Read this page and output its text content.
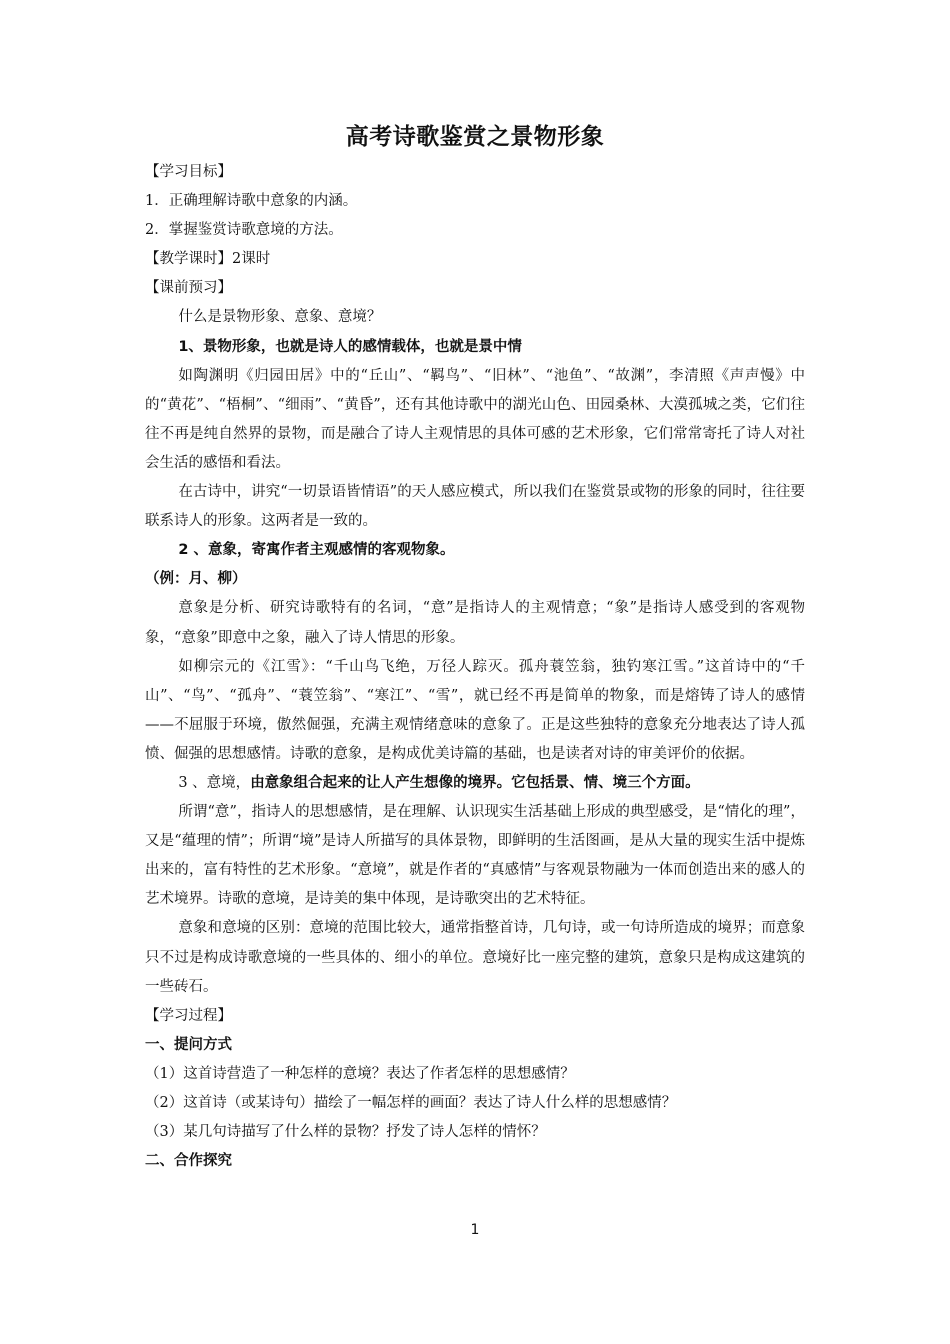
高考诗歌鉴赏之景物形象

【学习目标】

1．正确理解诗歌中意象的内涵。

2．掌握鉴赏诗歌意境的方法。

【教学课时】2课时

【课前预习】

什么是景物形象、意象、意境？

1、景物形象，也就是诗人的感情载体，也就是景中情

如陶渊明《归园田居》中的“丘山”、“羁鸟”、“旧林”、“池鱼”、“故渊”，李清照《声声慢》中的“黄花”、“梧桐”、“细雨”、“黄昏”，还有其他诗歌中的湖光山色、田园桑林、大漠孤城之类，它们往往不再是纯自然界的景物，而是融合了诗人主观情思的具体可感的艺术形象，它们常常寄托了诗人对社会生活的感悟和看法。

在古诗中，讲究“一切景语皆情语”的天人感应模式，所以我们在鉴赏景或物的形象的同时，往往要联系诗人的形象。这两者是一致的。

2 、意象，寄寓作者主观感情的客观物象。

（例：月、柳）

意象是分析、研究诗歌特有的名词，“意”是指诗人的主观情意；“象”是指诗人感受到的客观物象，“意象”即意中之象，融入了诗人情思的形象。

如柳宗元的《江雪》：“千山鸟飞绝，万径人踪灭。孤舟蓑笠翁，独钓寒江雪。”这首诗中的“千山”、“鸟”、“孤舟”、“蓑笠翁”、“寒江”、“雪”，就已经不再是简单的物象，而是熔铸了诗人的感情——不屈服于环境，傲然倔强，充满主观情绪意味的意象了。正是这些独特的意象充分地表达了诗人孤愤、倔强的思想感情。诗歌的意象，是构成优美诗篇的基础，也是读者对诗的审美评价的依据。

3 、意境，由意象组合起来的让人产生想像的境界。它包括景、情、境三个方面。

所谓“意”，指诗人的思想感情，是在理解、认识现实生活基础上形成的典型感受，是“情化的理”，又是“蕴理的情”；所谓“境”是诗人所描写的具体景物，即鲜明的生活图画，是从大量的现实生活中提炼出来的，富有特性的艺术形象。“意境”，就是作者的“真感情”与客观景物融为一体而创造出来的感人的艺术境界。诗歌的意境，是诗美的集中体现，是诗歌突出的艺术特征。

意象和意境的区别：意境的范围比较大，通常指整首诗，几句诗，或一句诗所造成的境界；而意象只不过是构成诗歌意境的一些具体的、细小的单位。意境好比一座完整的建筑，意象只是构成这建筑的一些砖石。

【学习过程】

一、提问方式

（1）这首诗营造了一种怎样的意境？表达了作者怎样的思想感情？

（2）这首诗（或某诗句）描绘了一幅怎样的画面？表达了诗人什么样的思想感情？

（3）某几句诗描写了什么样的景物？抒发了诗人怎样的情怀？

二、合作探究

1
